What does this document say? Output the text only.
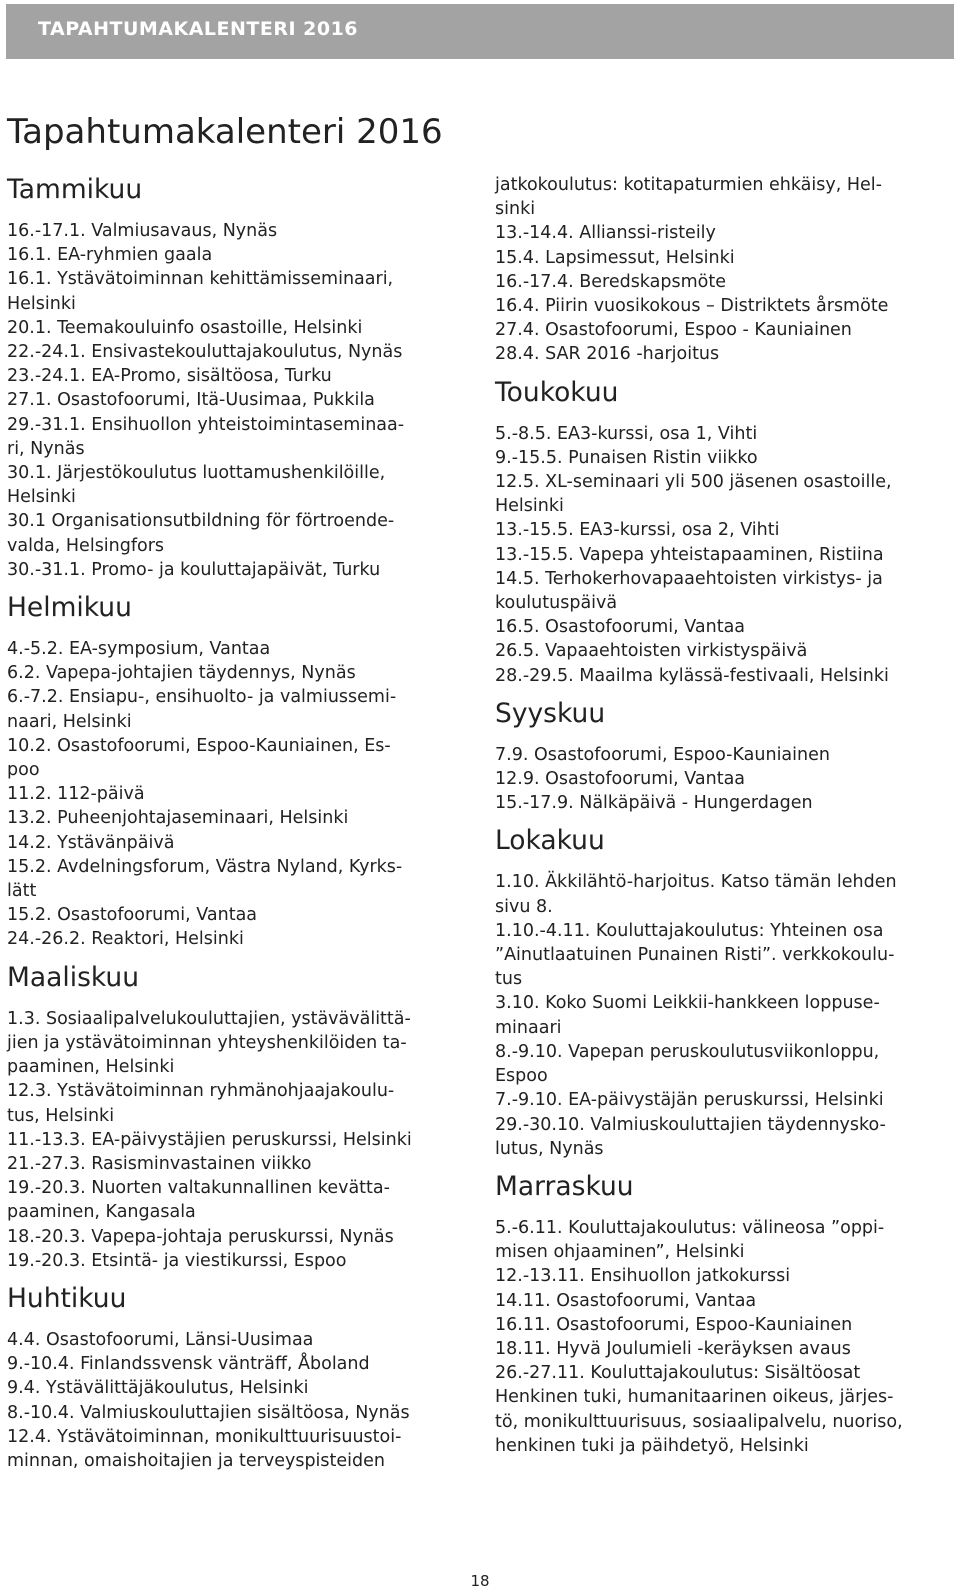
TAPAHTUMAKALENTERI 2016
Tapahtumakalenteri 2016
Tammikuu
16.-17.1. Valmiusavaus, Nynäs
16.1. EA-ryhmien gaala
16.1. Ystävätoiminnan kehittämisseminaari,
Helsinki
20.1. Teemakouluinfo osastoille, Helsinki
22.-24.1. Ensivastekouluttajakoulutus, Nynäs
23.-24.1. EA-Promo, sisältöosa, Turku
27.1. Osastofoorumi, Itä-Uusimaa, Pukkila
29.-31.1. Ensihuollon yhteistoimintaseminaa-
ri, Nynäs
30.1. Järjestökoulutus luottamushenkilöille,
Helsinki
30.1 Organisationsutbildning för förtroende-
valda, Helsingfors
30.-31.1. Promo- ja kouluttajapäivät, Turku
Helmikuu
4.-5.2. EA-symposium, Vantaa
6.2. Vapepa-johtajien täydennys, Nynäs
6.-7.2. Ensiapu-, ensihuolto- ja valmiussemi-
naari, Helsinki
10.2. Osastofoorumi, Espoo-Kauniainen, Es-
poo
11.2. 112-päivä
13.2. Puheenjohtajaseminaari, Helsinki
14.2. Ystävänpäivä
15.2. Avdelningsforum, Västra Nyland, Kyrks-
lätt
15.2. Osastofoorumi, Vantaa
24.-26.2. Reaktori, Helsinki
Maaliskuu
1.3. Sosiaalipalvelukouluttajien, ystävävälittä-
jien ja ystävätoiminnan yhteyshenkilöiden ta-
paaminen, Helsinki
12.3. Ystävätoiminnan ryhmänohjaajakoulu-
tus, Helsinki
11.-13.3. EA-päivystäjien peruskurssi, Helsinki
21.-27.3. Rasisminvastainen viikko
19.-20.3. Nuorten valtakunnallinen kevätta-
paaminen, Kangasala
18.-20.3. Vapepa-johtaja peruskurssi, Nynäs
19.-20.3. Etsintä- ja viestikurssi, Espoo
Huhtikuu
4.4. Osastofoorumi, Länsi-Uusimaa
9.-10.4. Finlandssvensk vänträff, Åboland
9.4. Ystävälittäjäkoulutus, Helsinki
8.-10.4. Valmiuskouluttajien sisältöosa, Nynäs
12.4. Ystävätoiminnan, monikulttuurisuustoi-
minnan, omaishoitajien ja terveyspisteiden
jatkokoulutus: kotitapaturmien ehkäisy, Hel-
sinki
13.-14.4. Allianssi-risteily
15.4. Lapsimessut, Helsinki
16.-17.4. Beredskapsmöte
16.4. Piirin vuosikokous – Distriktets årsmöte
27.4. Osastofoorumi, Espoo - Kauniainen
28.4. SAR 2016 -harjoitus
Toukokuu
5.-8.5. EA3-kurssi, osa 1, Vihti
9.-15.5. Punaisen Ristin viikko
12.5. XL-seminaari yli 500 jäsenen osastoille,
Helsinki
13.-15.5. EA3-kurssi, osa 2, Vihti
13.-15.5. Vapepa yhteistapaaminen, Ristiina
14.5. Terhokerhovapaaehtoisten virkistys- ja
koulutuspäivä
16.5. Osastofoorumi, Vantaa
26.5. Vapaaehtoisten virkistyspäivä
28.-29.5. Maailma kylässä-festivaali, Helsinki
Syyskuu
7.9. Osastofoorumi, Espoo-Kauniainen
12.9. Osastofoorumi, Vantaa
15.-17.9. Nälkäpäivä - Hungerdagen
Lokakuu
1.10. Äkkilähtö-harjoitus. Katso tämän lehden
sivu 8.
1.10.-4.11. Kouluttajakoulutus: Yhteinen osa
”Ainutlaatuinen Punainen Risti”. verkkokoulu-
tus
3.10. Koko Suomi Leikkii-hankkeen loppuse-
minaari
8.-9.10. Vapepan peruskoulutusviikonloppu,
Espoo
7.-9.10. EA-päivystäjän peruskurssi, Helsinki
29.-30.10. Valmiuskouluttajien täydennysko-
lutus, Nynäs
Marraskuu
5.-6.11. Kouluttajakoulutus: välineosa ”oppi-
misen ohjaaminen”, Helsinki
12.-13.11. Ensihuollon jatkokurssi
14.11. Osastofoorumi, Vantaa
16.11. Osastofoorumi, Espoo-Kauniainen
18.11. Hyvä Joulumieli -keräyksen avaus
26.-27.11. Kouluttajakoulutus: Sisältöosat
Henkinen tuki, humanitaarinen oikeus, järjes-
tö, monikulttuurisuus, sosiaalipalvelu, nuoriso,
henkinen tuki ja päihdetyö, Helsinki
18
